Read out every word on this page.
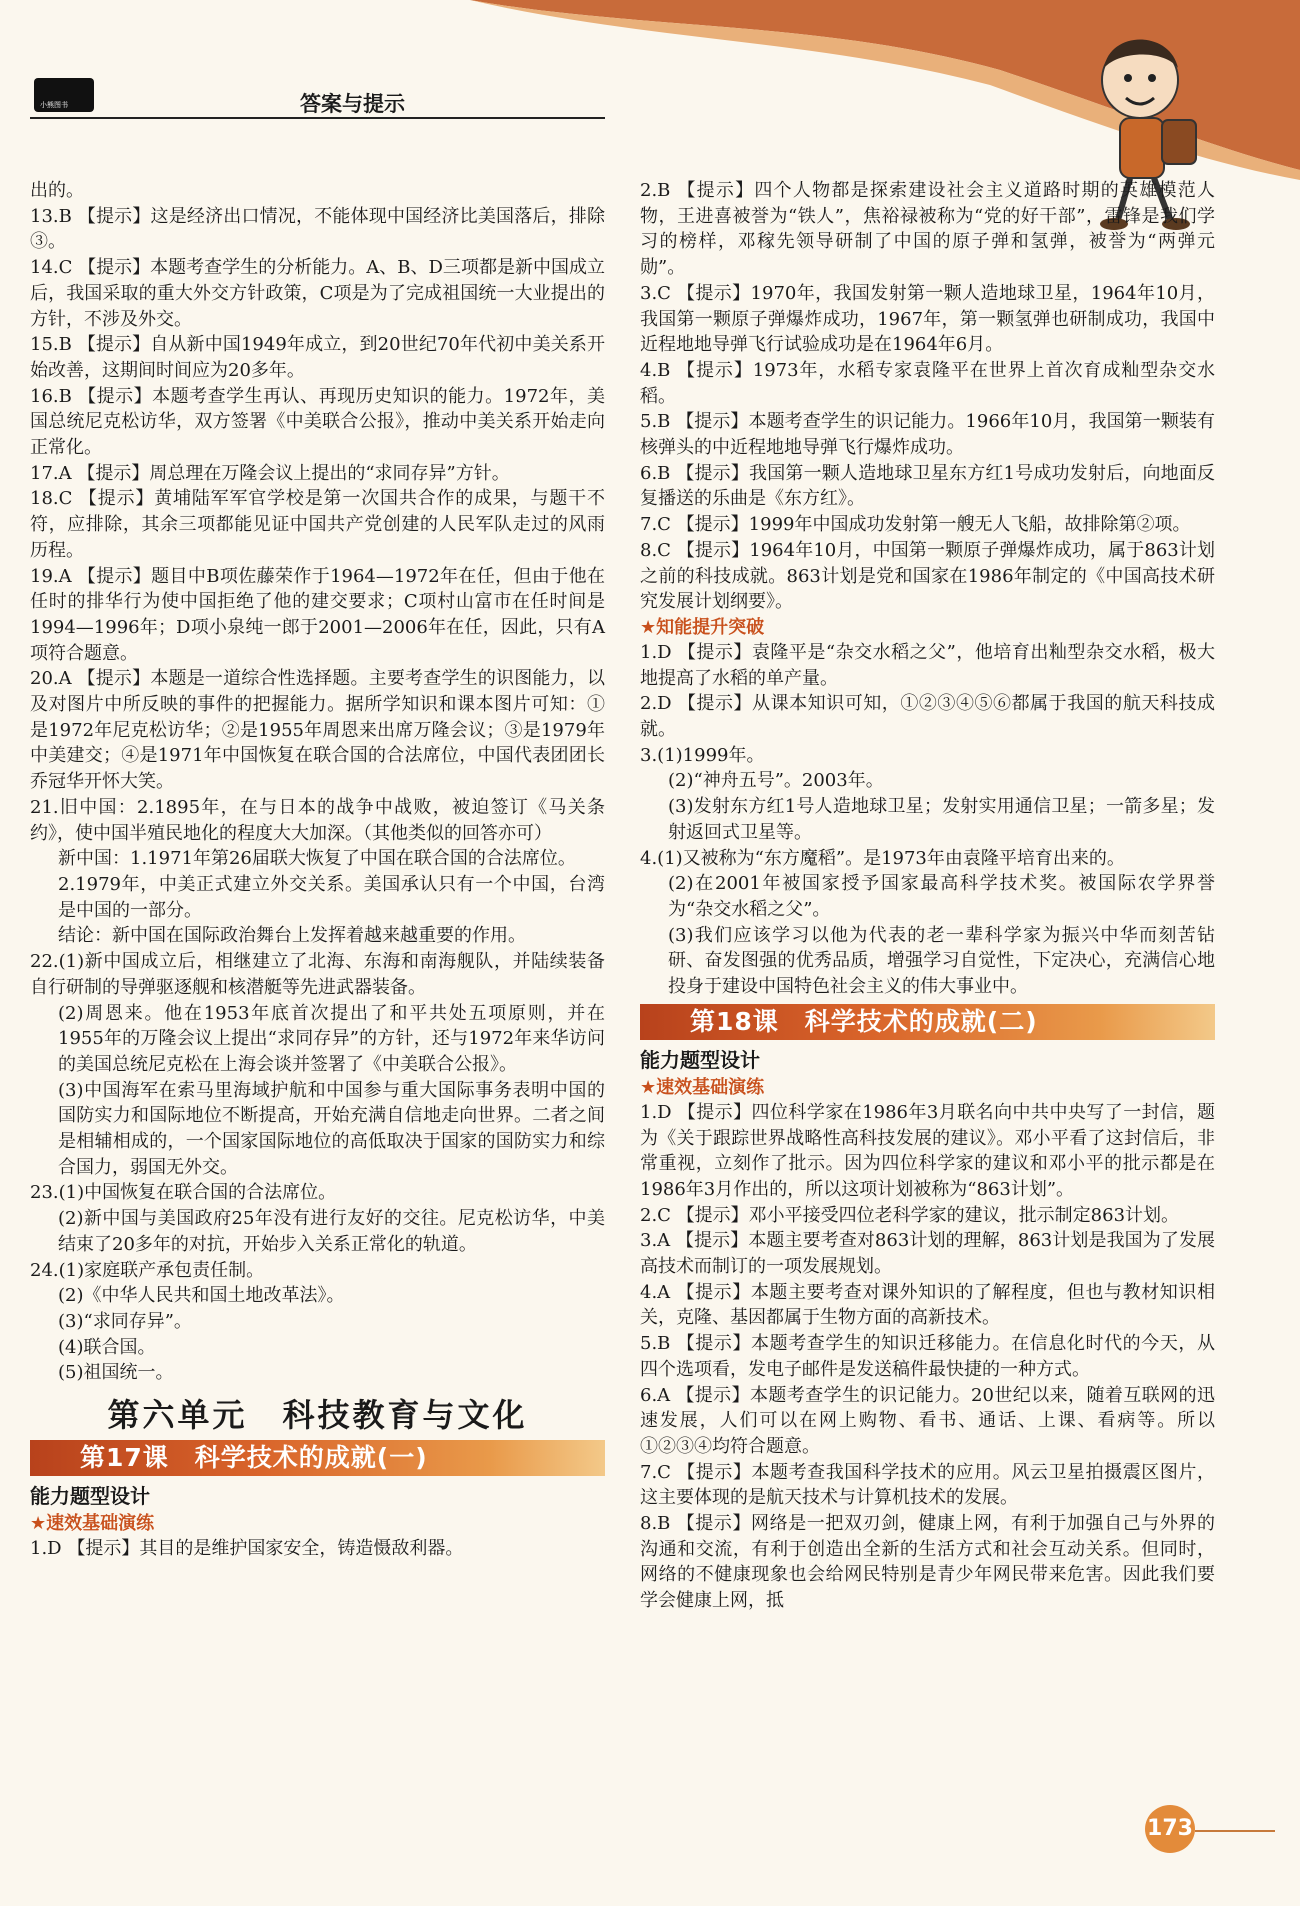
小熊图书	答案与提示

出的。

13.B 【提示】这是经济出口情况，不能体现中国经济比美国落后，排除③。

14.C 【提示】本题考查学生的分析能力。A、B、D三项都是新中国成立后，我国采取的重大外交方针政策，C项是为了完成祖国统一大业提出的方针，不涉及外交。

15.B 【提示】自从新中国1949年成立，到20世纪70年代初中美关系开始改善，这期间时间应为20多年。

16.B 【提示】本题考查学生再认、再现历史知识的能力。1972年，美国总统尼克松访华，双方签署《中美联合公报》，推动中美关系开始走向正常化。

17.A 【提示】周总理在万隆会议上提出的“求同存异”方针。

18.C 【提示】黄埔陆军军官学校是第一次国共合作的成果，与题干不符，应排除，其余三项都能见证中国共产党创建的人民军队走过的风雨历程。

19.A 【提示】题目中B项佐藤荣作于1964—1972年在任，但由于他在任时的排华行为使中国拒绝了他的建交要求；C项村山富市在任时间是1994—1996年；D项小泉纯一郎于2001—2006年在任，因此，只有A项符合题意。

20.A 【提示】本题是一道综合性选择题。主要考查学生的识图能力，以及对图片中所反映的事件的把握能力。据所学知识和课本图片可知：①是1972年尼克松访华；②是1955年周恩来出席万隆会议；③是1979年中美建交；④是1971年中国恢复在联合国的合法席位，中国代表团团长乔冠华开怀大笑。

21.旧中国：2.1895年，在与日本的战争中战败，被迫签订《马关条约》，使中国半殖民地化的程度大大加深。（其他类似的回答亦可）

新中国：1.1971年第26届联大恢复了中国在联合国的合法席位。

2.1979年，中美正式建立外交关系。美国承认只有一个中国，台湾是中国的一部分。

结论：新中国在国际政治舞台上发挥着越来越重要的作用。

22.(1)新中国成立后，相继建立了北海、东海和南海舰队，并陆续装备自行研制的导弹驱逐舰和核潜艇等先进武器装备。

(2)周恩来。他在1953年底首次提出了和平共处五项原则，并在1955年的万隆会议上提出“求同存异”的方针，还与1972年来华访问的美国总统尼克松在上海会谈并签署了《中美联合公报》。

(3)中国海军在索马里海域护航和中国参与重大国际事务表明中国的国防实力和国际地位不断提高，开始充满自信地走向世界。二者之间是相辅相成的，一个国家国际地位的高低取决于国家的国防实力和综合国力，弱国无外交。

23.(1)中国恢复在联合国的合法席位。

(2)新中国与美国政府25年没有进行友好的交往。尼克松访华，中美结束了20多年的对抗，开始步入关系正常化的轨道。

24.(1)家庭联产承包责任制。

(2)《中华人民共和国土地改革法》。

(3)“求同存异”。

(4)联合国。

(5)祖国统一。

第六单元　科技教育与文化
第17课　科学技术的成就(一)
能力题型设计
★速效基础演练

1.D 【提示】其目的是维护国家安全，铸造慑敌利器。

2.B 【提示】四个人物都是探索建设社会主义道路时期的英雄模范人物，王进喜被誉为“铁人”，焦裕禄被称为“党的好干部”，雷锋是我们学习的榜样，邓稼先领导研制了中国的原子弹和氢弹，被誉为“两弹元勋”。

3.C 【提示】1970年，我国发射第一颗人造地球卫星，1964年10月，我国第一颗原子弹爆炸成功，1967年，第一颗氢弹也研制成功，我国中近程地地导弹飞行试验成功是在1964年6月。

4.B 【提示】1973年，水稻专家袁隆平在世界上首次育成籼型杂交水稻。

5.B 【提示】本题考查学生的识记能力。1966年10月，我国第一颗装有核弹头的中近程地地导弹飞行爆炸成功。

6.B 【提示】我国第一颗人造地球卫星东方红1号成功发射后，向地面反复播送的乐曲是《东方红》。

7.C 【提示】1999年中国成功发射第一艘无人飞船，故排除第②项。

8.C 【提示】1964年10月，中国第一颗原子弹爆炸成功，属于863计划之前的科技成就。863计划是党和国家在1986年制定的《中国高技术研究发展计划纲要》。

★知能提升突破

1.D 【提示】袁隆平是“杂交水稻之父”，他培育出籼型杂交水稻，极大地提高了水稻的单产量。

2.D 【提示】从课本知识可知，①②③④⑤⑥都属于我国的航天科技成就。

3.(1)1999年。

(2)“神舟五号”。2003年。

(3)发射东方红1号人造地球卫星；发射实用通信卫星；一箭多星；发射返回式卫星等。

4.(1)又被称为“东方魔稻”。是1973年由袁隆平培育出来的。

(2)在2001年被国家授予国家最高科学技术奖。被国际农学界誉为“杂交水稻之父”。

(3)我们应该学习以他为代表的老一辈科学家为振兴中华而刻苦钻研、奋发图强的优秀品质，增强学习自觉性，下定决心，充满信心地投身于建设中国特色社会主义的伟大事业中。

第18课　科学技术的成就(二)
能力题型设计
★速效基础演练

1.D 【提示】四位科学家在1986年3月联名向中共中央写了一封信，题为《关于跟踪世界战略性高科技发展的建议》。邓小平看了这封信后，非常重视，立刻作了批示。因为四位科学家的建议和邓小平的批示都是在1986年3月作出的，所以这项计划被称为“863计划”。

2.C 【提示】邓小平接受四位老科学家的建议，批示制定863计划。

3.A 【提示】本题主要考查对863计划的理解，863计划是我国为了发展高技术而制订的一项发展规划。

4.A 【提示】本题主要考查对课外知识的了解程度，但也与教材知识相关，克隆、基因都属于生物方面的高新技术。

5.B 【提示】本题考查学生的知识迁移能力。在信息化时代的今天，从四个选项看，发电子邮件是发送稿件最快捷的一种方式。

6.A 【提示】本题考查学生的识记能力。20世纪以来，随着互联网的迅速发展，人们可以在网上购物、看书、通话、上课、看病等。所以①②③④均符合题意。

7.C 【提示】本题考查我国科学技术的应用。风云卫星拍摄震区图片，这主要体现的是航天技术与计算机技术的发展。

8.B 【提示】网络是一把双刃剑，健康上网，有利于加强自己与外界的沟通和交流，有利于创造出全新的生活方式和社会互动关系。但同时，网络的不健康现象也会给网民特别是青少年网民带来危害。因此我们要学会健康上网，抵

173
